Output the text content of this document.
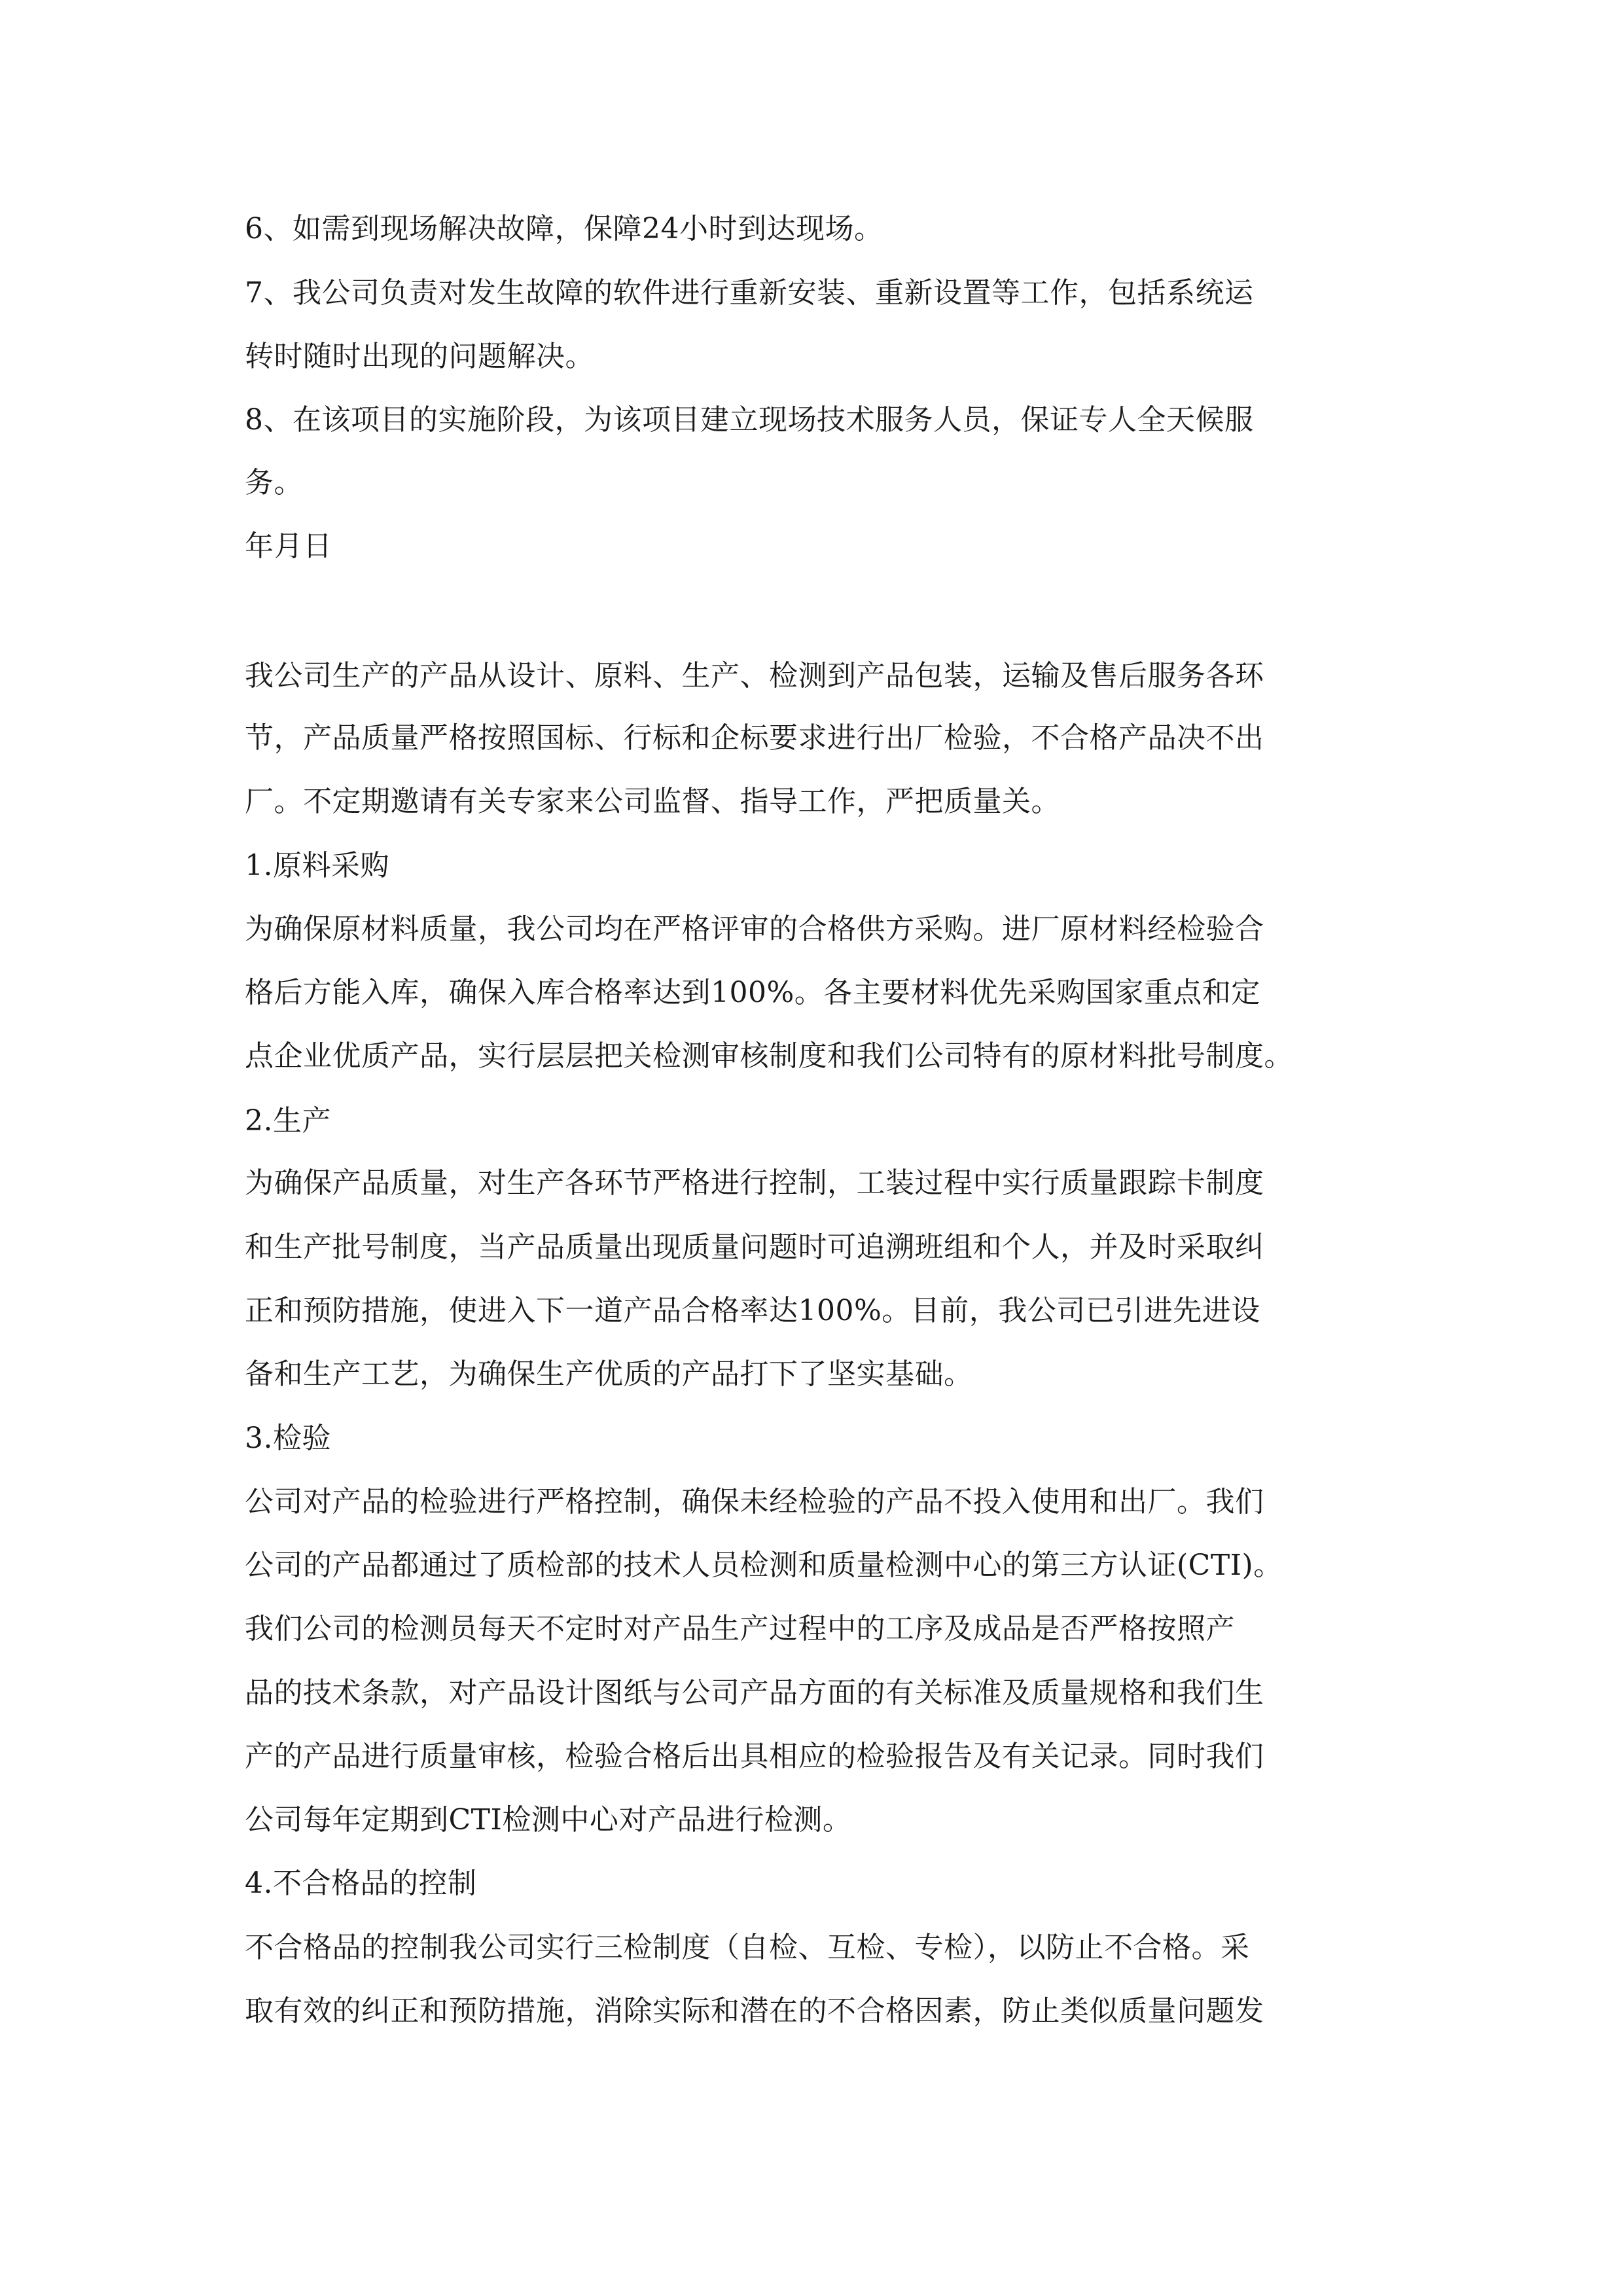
6、如需到现场解决故障，保障24小时到达现场。
7、我公司负责对发生故障的软件进行重新安装、重新设置等工作，包括系统运
转时随时出现的问题解决。
8、在该项目的实施阶段，为该项目建立现场技术服务人员，保证专人全天候服
务。
年月日
我公司生产的产品从设计、原料、生产、检测到产品包装，运输及售后服务各环
节，产品质量严格按照国标、行标和企标要求进行出厂检验，不合格产品决不出
厂。不定期邀请有关专家来公司监督、指导工作，严把质量关。
1.原料采购
为确保原材料质量，我公司均在严格评审的合格供方采购。进厂原材料经检验合
格后方能入库，确保入库合格率达到100%。各主要材料优先采购国家重点和定
点企业优质产品，实行层层把关检测审核制度和我们公司特有的原材料批号制度。
2.生产
为确保产品质量，对生产各环节严格进行控制，工装过程中实行质量跟踪卡制度
和生产批号制度，当产品质量出现质量问题时可追溯班组和个人，并及时采取纠
正和预防措施，使进入下一道产品合格率达100%。目前，我公司已引进先进设
备和生产工艺，为确保生产优质的产品打下了坚实基础。
3.检验
公司对产品的检验进行严格控制，确保未经检验的产品不投入使用和出厂。我们
公司的产品都通过了质检部的技术人员检测和质量检测中心的第三方认证(CTI)。
我们公司的检测员每天不定时对产品生产过程中的工序及成品是否严格按照产
品的技术条款，对产品设计图纸与公司产品方面的有关标准及质量规格和我们生
产的产品进行质量审核，检验合格后出具相应的检验报告及有关记录。同时我们
公司每年定期到CTI检测中心对产品进行检测。
4.不合格品的控制
不合格品的控制我公司实行三检制度（自检、互检、专检），以防止不合格。采
取有效的纠正和预防措施，消除实际和潜在的不合格因素，防止类似质量问题发
